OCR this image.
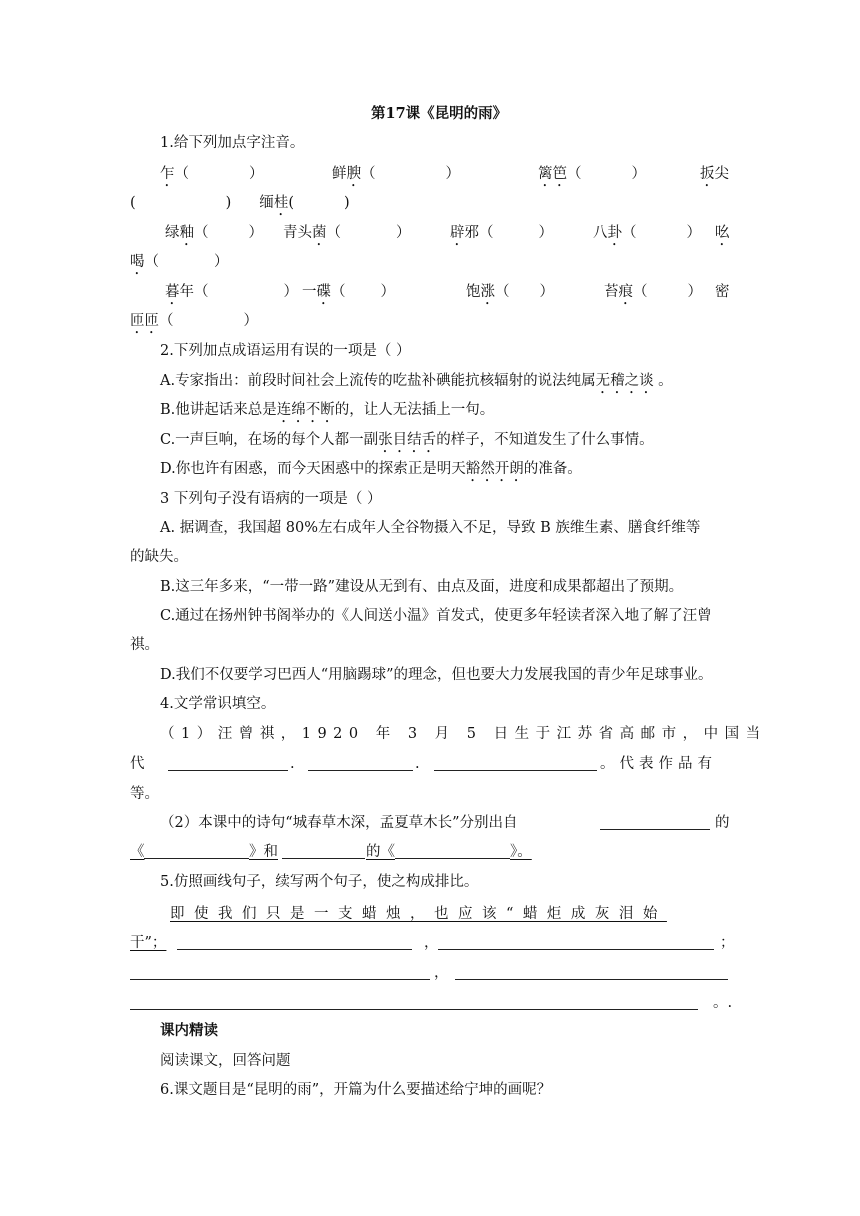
第17课《昆明的雨》
1.给下列加点字注音。
乍（	）	鲜腴（	）	篱笆（	）	扳尖
(	) 缅桂(	)
绿釉（	） 青头菌（	）	辟邪（	）	八卦（	） 吆
喝（	）
暮年（	） 一碟（ ）	饱涨（ ）	苔痕（	） 密
匝匝（	）
2.下列加点成语运用有误的一项是（ ）
A.专家指出：前段时间社会上流传的吃盐补碘能抗核辐射的说法纯属无稽之谈 。
B.他讲起话来总是连绵不断的，让人无法插上一句。
C.一声巨响，在场的每个人都一副张目结舌的样子，不知道发生了什么事情。
D.你也许有困惑，而今天困惑中的探索正是明天豁然开朗的准备。
3 下列句子没有语病的一项是（ ）
A. 据调查，我国超 80%左右成年人全谷物摄入不足，导致 B 族维生素、膳食纤维等
的缺失。
B.这三年多来，“一带一路”建设从无到有、由点及面，进度和成果都超出了预期。
C.通过在扬州钟书阁举办的《人间送小温》首发式，使更多年轻读者深入地了解了汪曾
祺。
D.我们不仅要学习巴西人“用脑踢球”的理念，但也要大力发展我国的青少年足球事业。
4.文学常识填空。
（1）汪曾祺，1920 年 3 月 5 日生于江苏省高邮市，中国当
代	.	.	。代表作品有
等。
（2）本课中的诗句“城春草木深，孟夏草木长”分别出自	的
《	》和	的《	》。
5.仿照画线句子，续写两个句子，使之构成排比。
即使我们只是一支蜡烛，也应该“蜡炬成灰泪始
干”；	，	；
，
。.
课内精读
阅读课文，回答问题
6.课文题目是“昆明的雨”，开篇为什么要描述给宁坤的画呢？
